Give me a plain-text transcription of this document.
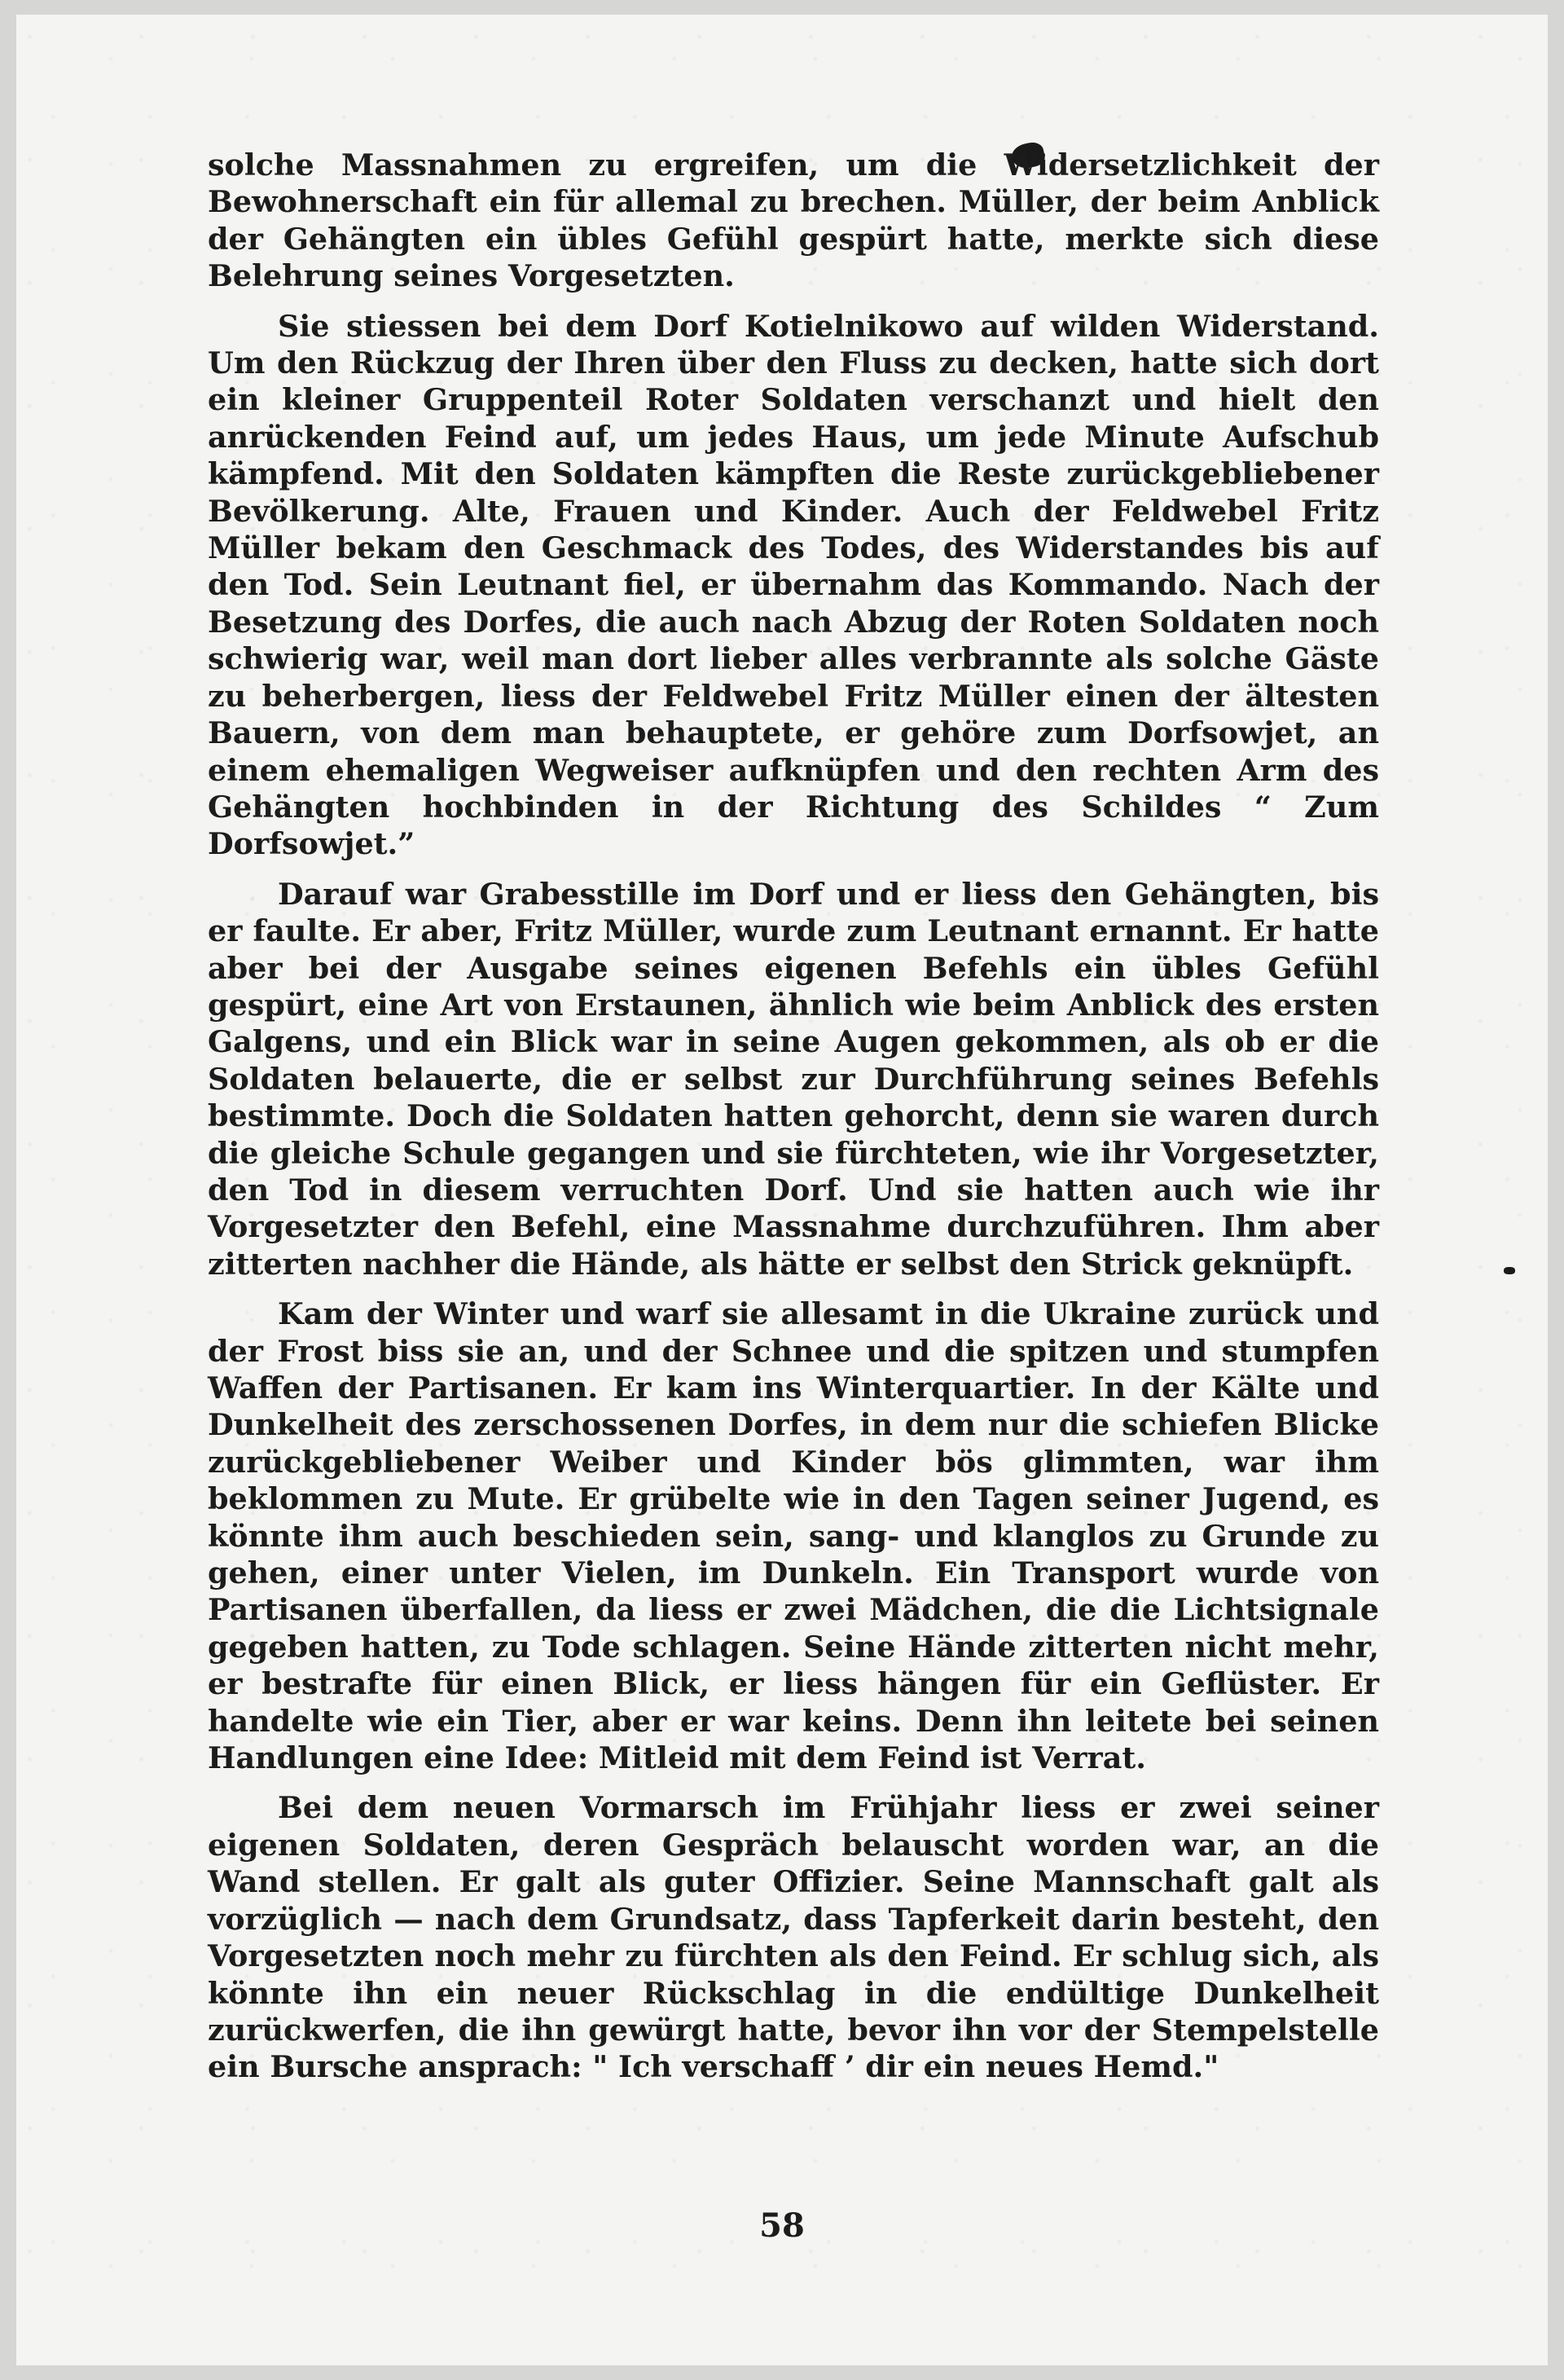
solche Massnahmen zu ergreifen, um die Widersetzlichkeit der Bewohnerschaft ein für allemal zu brechen. Müller, der beim Anblick der Gehängten ein übles Gefühl gespürt hatte, merkte sich diese Belehrung seines Vorgesetzten.

Sie stiessen bei dem Dorf Kotielnikowo auf wilden Widerstand. Um den Rückzug der Ihren über den Fluss zu decken, hatte sich dort ein kleiner Gruppenteil Roter Soldaten verschanzt und hielt den anrückenden Feind auf, um jedes Haus, um jede Minute Aufschub kämpfend. Mit den Soldaten kämpften die Reste zurückgebliebener Bevölkerung. Alte, Frauen und Kinder. Auch der Feldwebel Fritz Müller bekam den Geschmack des Todes, des Widerstandes bis auf den Tod. Sein Leutnant fiel, er übernahm das Kommando. Nach der Besetzung des Dorfes, die auch nach Abzug der Roten Soldaten noch schwierig war, weil man dort lieber alles verbrannte als solche Gäste zu beherbergen, liess der Feldwebel Fritz Müller einen der ältesten Bauern, von dem man behauptete, er gehöre zum Dorfsowjet, an einem ehemaligen Wegweiser aufknüpfen und den rechten Arm des Gehängten hochbinden in der Richtung des Schildes “ Zum Dorfsowjet.”

Darauf war Grabesstille im Dorf und er liess den Gehängten, bis er faulte. Er aber, Fritz Müller, wurde zum Leutnant ernannt. Er hatte aber bei der Ausgabe seines eigenen Befehls ein übles Gefühl gespürt, eine Art von Erstaunen, ähnlich wie beim Anblick des ersten Galgens, und ein Blick war in seine Augen gekommen, als ob er die Soldaten belauerte, die er selbst zur Durchführung seines Befehls bestimmte. Doch die Soldaten hatten gehorcht, denn sie waren durch die gleiche Schule gegangen und sie fürchteten, wie ihr Vorgesetzter, den Tod in diesem verruchten Dorf. Und sie hatten auch wie ihr Vorgesetzter den Befehl, eine Massnahme durchzuführen. Ihm aber zitterten nachher die Hände, als hätte er selbst den Strick geknüpft.

Kam der Winter und warf sie allesamt in die Ukraine zurück und der Frost biss sie an, und der Schnee und die spitzen und stumpfen Waffen der Partisanen. Er kam ins Winterquartier. In der Kälte und Dunkelheit des zerschossenen Dorfes, in dem nur die schiefen Blicke zurückgebliebener Weiber und Kinder bös glimmten, war ihm beklommen zu Mute. Er grübelte wie in den Tagen seiner Jugend, es könnte ihm auch beschieden sein, sang- und klanglos zu Grunde zu gehen, einer unter Vielen, im Dunkeln. Ein Transport wurde von Partisanen überfallen, da liess er zwei Mädchen, die die Lichtsignale gegeben hatten, zu Tode schlagen. Seine Hände zitterten nicht mehr, er bestrafte für einen Blick, er liess hängen für ein Geflüster. Er handelte wie ein Tier, aber er war keins. Denn ihn leitete bei seinen Handlungen eine Idee: Mitleid mit dem Feind ist Verrat.

Bei dem neuen Vormarsch im Frühjahr liess er zwei seiner eigenen Soldaten, deren Gespräch belauscht worden war, an die Wand stellen. Er galt als guter Offizier. Seine Mannschaft galt als vorzüglich — nach dem Grundsatz, dass Tapferkeit darin besteht, den Vorgesetzten noch mehr zu fürchten als den Feind. Er schlug sich, als könnte ihn ein neuer Rückschlag in die endültige Dunkelheit zurückwerfen, die ihn gewürgt hatte, bevor ihn vor der Stempelstelle ein Bursche ansprach: " Ich verschaff ’ dir ein neues Hemd."

58
